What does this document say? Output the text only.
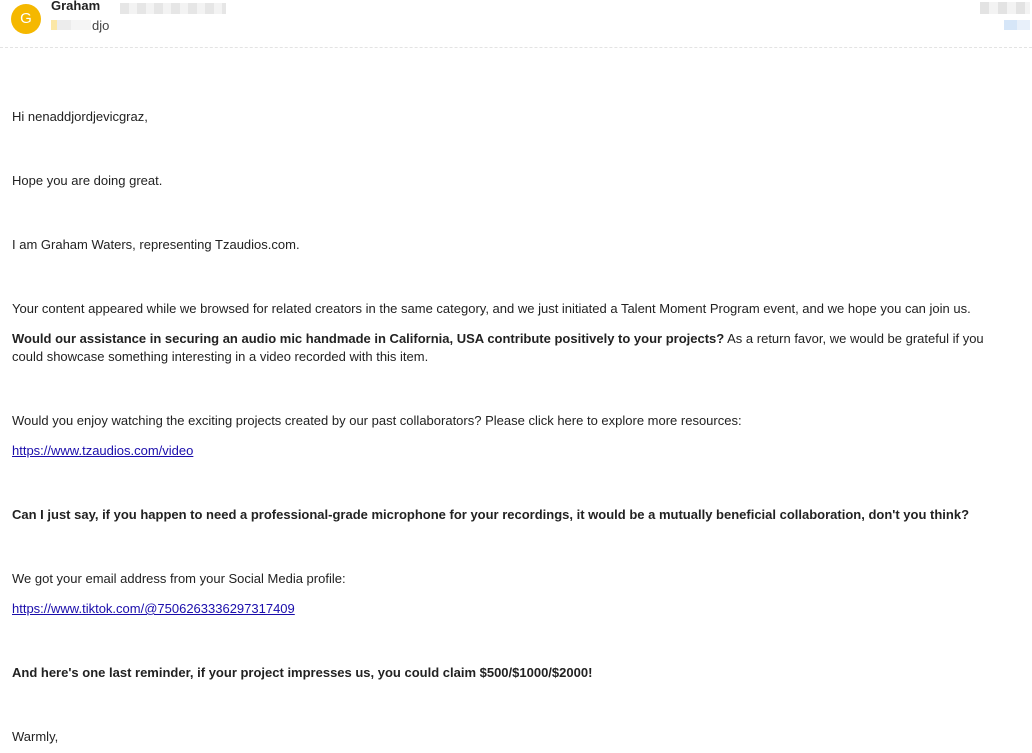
G
Graham
djo

Hi nenaddjordjevicgraz,

Hope you are doing great.

I am Graham Waters, representing Tzaudios.com.

Your content appeared while we browsed for related creators in the same category, and we just initiated a Talent Moment Program event, and we hope you can join us.

Would our assistance in securing an audio mic handmade in California, USA contribute positively to your projects? As a return favor, we would be grateful if you could showcase something interesting in a video recorded with this item.

Would you enjoy watching the exciting projects created by our past collaborators? Please click here to explore more resources:

https://www.tzaudios.com/video

Can I just say, if you happen to need a professional-grade microphone for your recordings, it would be a mutually beneficial collaboration, don't you think?

We got your email address from your Social Media profile:

https://www.tiktok.com/@7506263336297317409

And here's one last reminder, if your project impresses us, you could claim $500/$1000/$2000!

Warmly,
